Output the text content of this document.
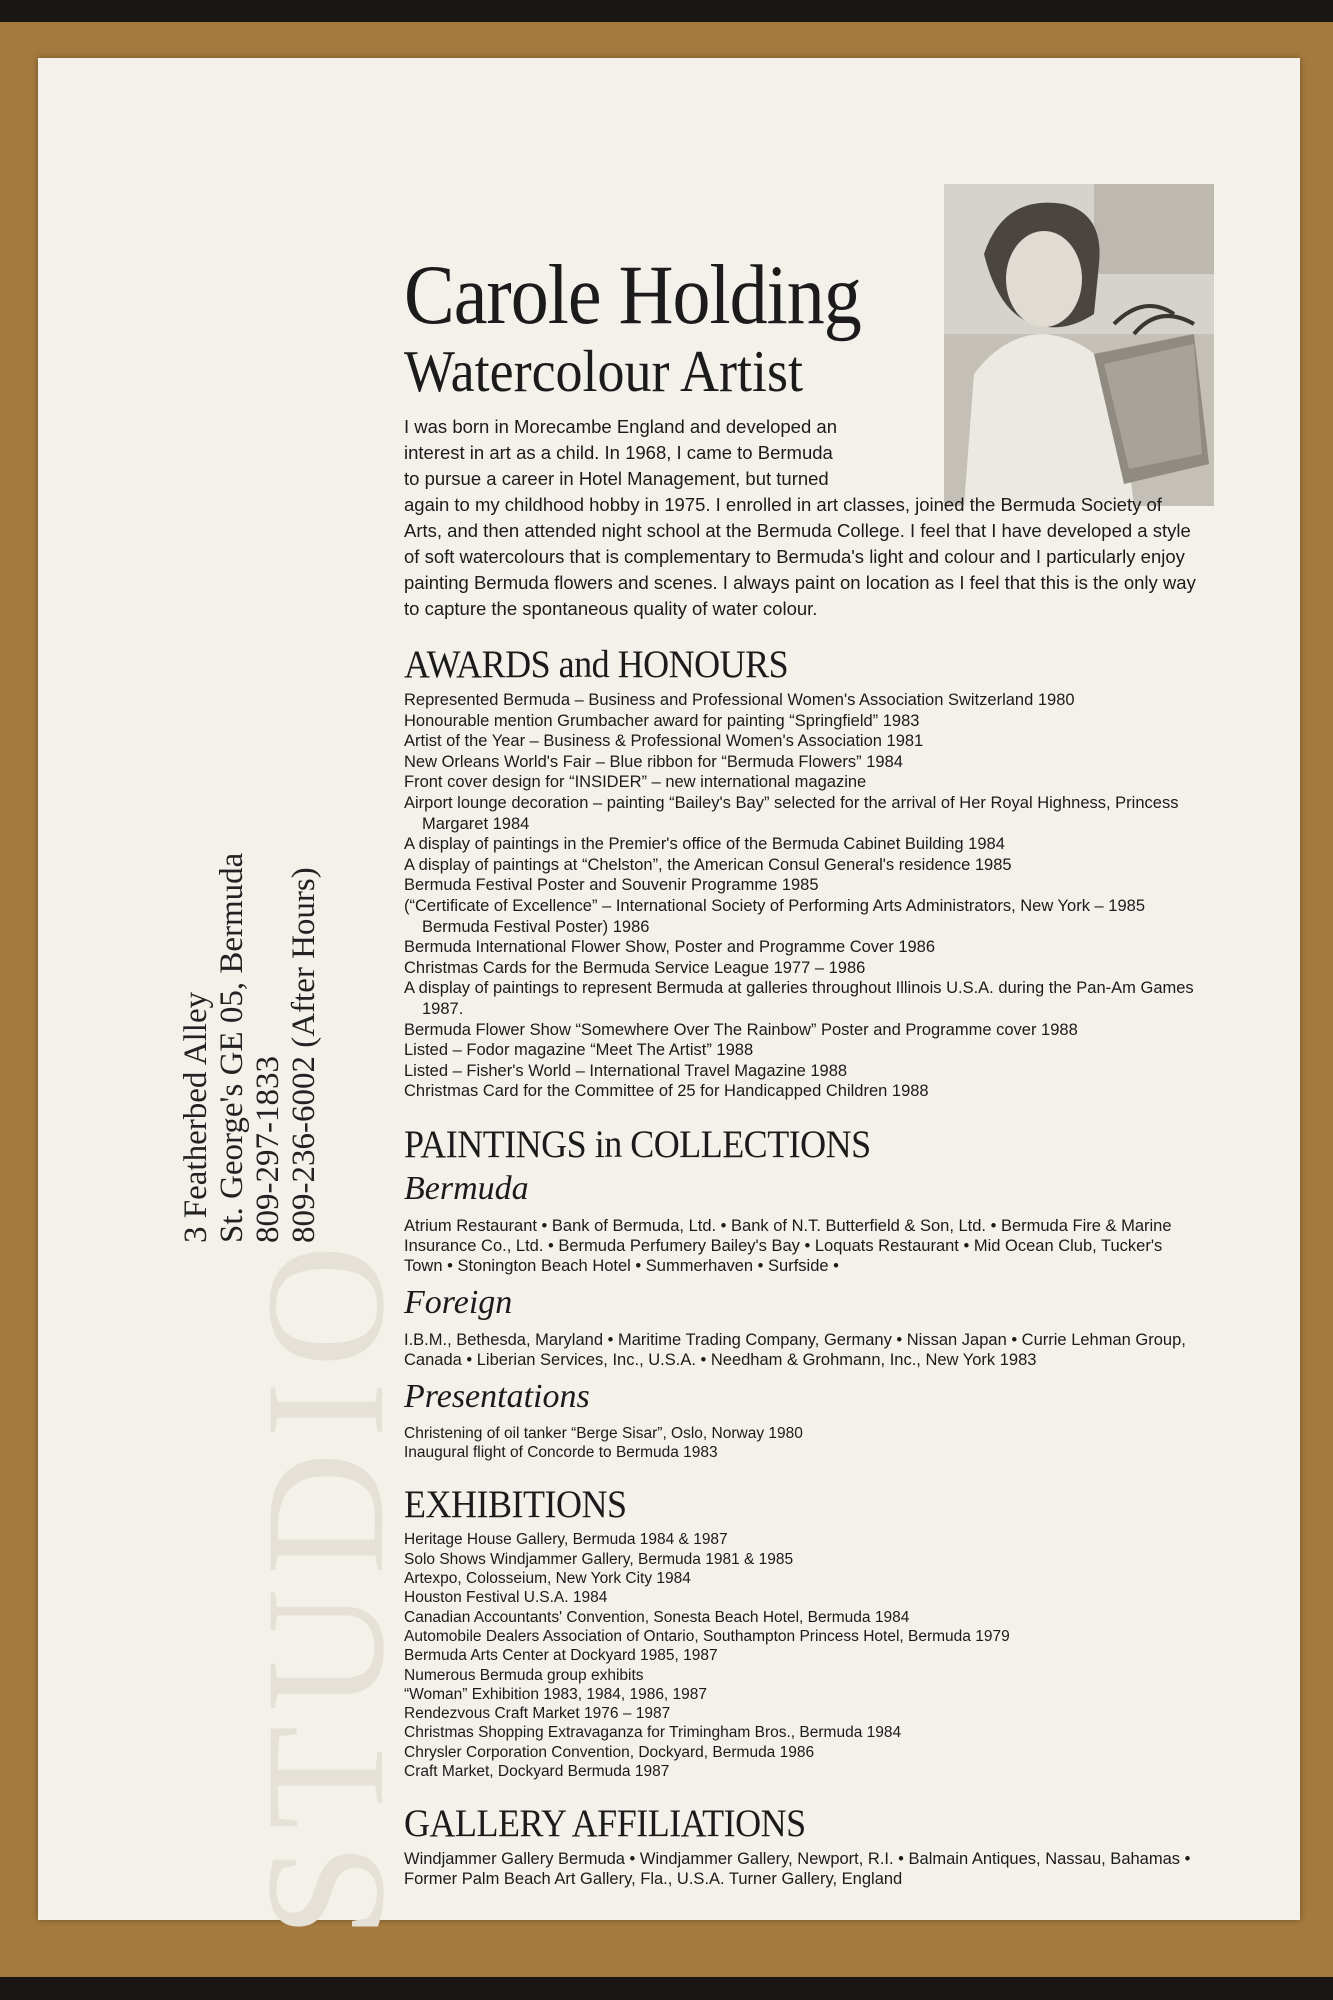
STUDIO
3 Featherbed Alley St. George's GE 05, Bermuda 809-297-1833 809-236-6002 (After Hours)
Carole Holding
Watercolour Artist
I was born in Morecambe England and developed an
interest in art as a child. In 1968, I came to Bermuda
to pursue a career in Hotel Management, but turned
again to my childhood hobby in 1975. I enrolled in art classes, joined the Bermuda Society of Arts, and then attended night school at the Bermuda College. I feel that I have developed a style of soft watercolours that is complementary to Bermuda's light and colour and I particularly enjoy painting Bermuda flowers and scenes. I always paint on location as I feel that this is the only way to capture the spontaneous quality of water colour.
AWARDS and HONOURS
Represented Bermuda – Business and Professional Women's Association Switzerland 1980
Honourable mention Grumbacher award for painting “Springfield” 1983
Artist of the Year – Business & Professional Women's Association 1981
New Orleans World's Fair – Blue ribbon for “Bermuda Flowers” 1984
Front cover design for “INSIDER” – new international magazine
Airport lounge decoration – painting “Bailey's Bay” selected for the arrival of Her Royal Highness, Princess Margaret 1984
A display of paintings in the Premier's office of the Bermuda Cabinet Building 1984
A display of paintings at “Chelston”, the American Consul General's residence 1985
Bermuda Festival Poster and Souvenir Programme 1985
(“Certificate of Excellence” – International Society of Performing Arts Administrators, New York – 1985 Bermuda Festival Poster) 1986
Bermuda International Flower Show, Poster and Programme Cover 1986
Christmas Cards for the Bermuda Service League 1977 – 1986
A display of paintings to represent Bermuda at galleries throughout Illinois U.S.A. during the Pan-Am Games 1987.
Bermuda Flower Show “Somewhere Over The Rainbow” Poster and Programme cover 1988
Listed – Fodor magazine “Meet The Artist” 1988
Listed – Fisher's World – International Travel Magazine 1988
Christmas Card for the Committee of 25 for Handicapped Children 1988
PAINTINGS in COLLECTIONS
Bermuda

Atrium Restaurant • Bank of Bermuda, Ltd. • Bank of N.T. Butterfield & Son, Ltd. • Bermuda Fire & Marine Insurance Co., Ltd. • Bermuda Perfumery Bailey's Bay • Loquats Restaurant • Mid Ocean Club, Tucker's Town • Stonington Beach Hotel • Summerhaven • Surfside •

Foreign

I.B.M., Bethesda, Maryland • Maritime Trading Company, Germany • Nissan Japan • Currie Lehman Group, Canada • Liberian Services, Inc., U.S.A. • Needham & Grohmann, Inc., New York 1983

Presentations
Christening of oil tanker “Berge Sisar”, Oslo, Norway 1980
Inaugural flight of Concorde to Bermuda 1983
EXHIBITIONS
Heritage House Gallery, Bermuda 1984 & 1987
Solo Shows Windjammer Gallery, Bermuda 1981 & 1985
Artexpo, Colosseium, New York City 1984
Houston Festival U.S.A. 1984
Canadian Accountants' Convention, Sonesta Beach Hotel, Bermuda 1984
Automobile Dealers Association of Ontario, Southampton Princess Hotel, Bermuda 1979
Bermuda Arts Center at Dockyard 1985, 1987
Numerous Bermuda group exhibits
“Woman” Exhibition 1983, 1984, 1986, 1987
Rendezvous Craft Market 1976 – 1987
Christmas Shopping Extravaganza for Trimingham Bros., Bermuda 1984
Chrysler Corporation Convention, Dockyard, Bermuda 1986
Craft Market, Dockyard Bermuda 1987
GALLERY AFFILIATIONS

Windjammer Gallery Bermuda • Windjammer Gallery, Newport, R.I. • Balmain Antiques, Nassau, Bahamas • Former Palm Beach Art Gallery, Fla., U.S.A. Turner Gallery, England
